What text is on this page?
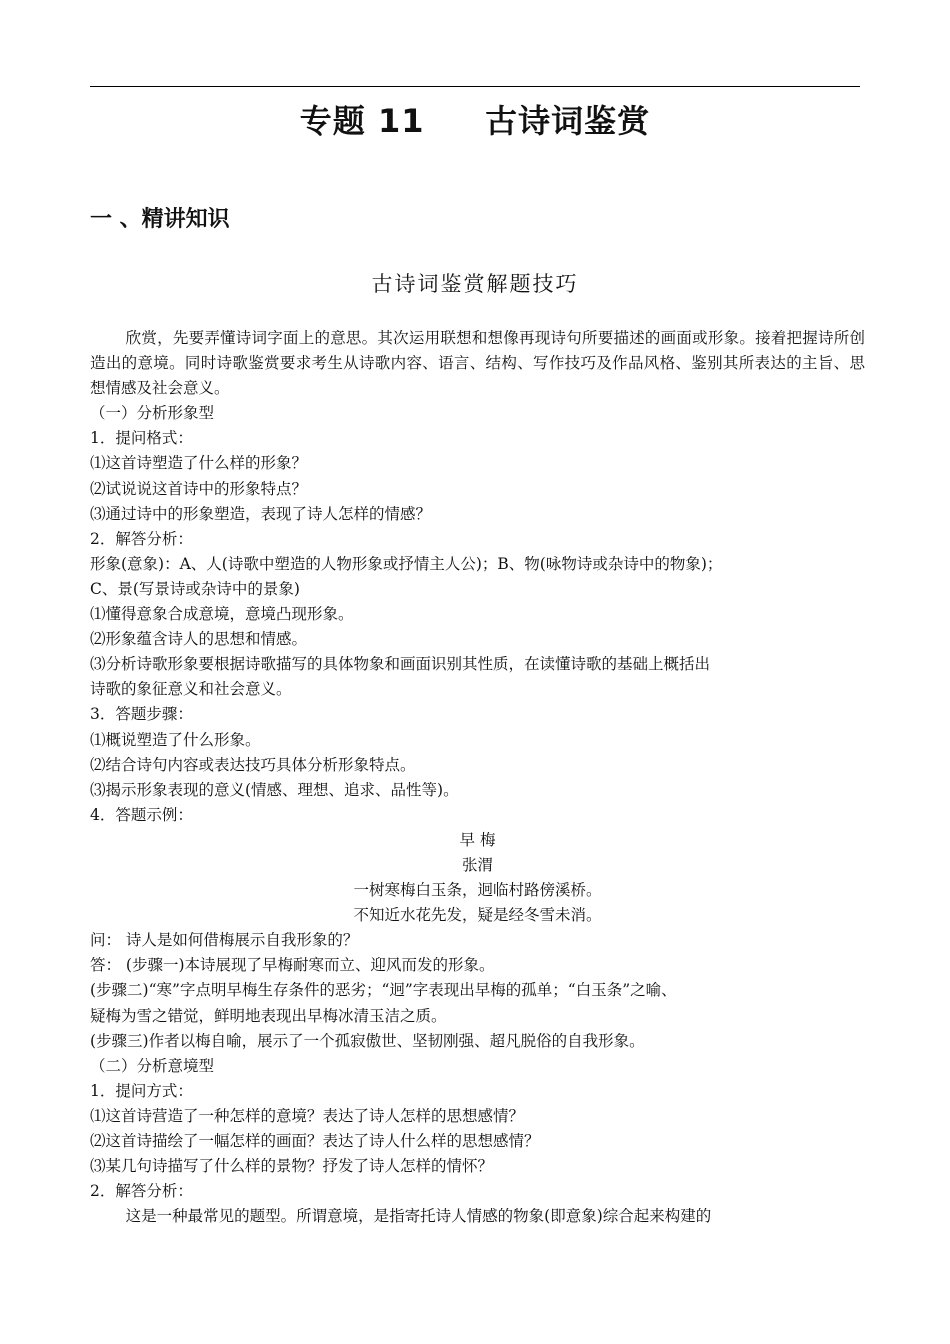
专题 11     古诗词鉴赏
一 、精讲知识
古诗词鉴赏解题技巧
欣赏，先要弄懂诗词字面上的意思。其次运用联想和想像再现诗句所要描述的画面或形象。接着把握诗所创造出的意境。同时诗歌鉴赏要求考生从诗歌内容、语言、结构、写作技巧及作品风格、鉴别其所表达的主旨、思想情感及社会意义。
（一）分析形象型
1．提问格式：
⑴这首诗塑造了什么样的形象？
⑵试说说这首诗中的形象特点？
⑶通过诗中的形象塑造，表现了诗人怎样的情感？
2．解答分析：
形象(意象)：A、人(诗歌中塑造的人物形象或抒情主人公)；B、物(咏物诗或杂诗中的物象)；
C、景(写景诗或杂诗中的景象)
⑴懂得意象合成意境，意境凸现形象。
⑵形象蕴含诗人的思想和情感。
⑶分析诗歌形象要根据诗歌描写的具体物象和画面识别其性质，在读懂诗歌的基础上概括出
诗歌的象征意义和社会意义。
3．答题步骤：
⑴概说塑造了什么形象。
⑵结合诗句内容或表达技巧具体分析形象特点。
⑶揭示形象表现的意义(情感、理想、追求、品性等)。
4．答题示例：
早 梅
张渭
一树寒梅白玉条，迥临村路傍溪桥。
不知近水花先发，疑是经冬雪未消。
问： 诗人是如何借梅展示自我形象的？
答： (步骤一)本诗展现了早梅耐寒而立、迎风而发的形象。
(步骤二)“寒”字点明早梅生存条件的恶劣；“迥”字表现出早梅的孤单；“白玉条”之喻、
疑梅为雪之错觉，鲜明地表现出早梅冰清玉洁之质。
(步骤三)作者以梅自喻，展示了一个孤寂傲世、坚韧刚强、超凡脱俗的自我形象。
（二）分析意境型
1．提问方式：
⑴这首诗营造了一种怎样的意境？表达了诗人怎样的思想感情？
⑵这首诗描绘了一幅怎样的画面？表达了诗人什么样的思想感情？
⑶某几句诗描写了什么样的景物？抒发了诗人怎样的情怀？
2．解答分析：
这是一种最常见的题型。所谓意境，是指寄托诗人情感的物象(即意象)综合起来构建的
